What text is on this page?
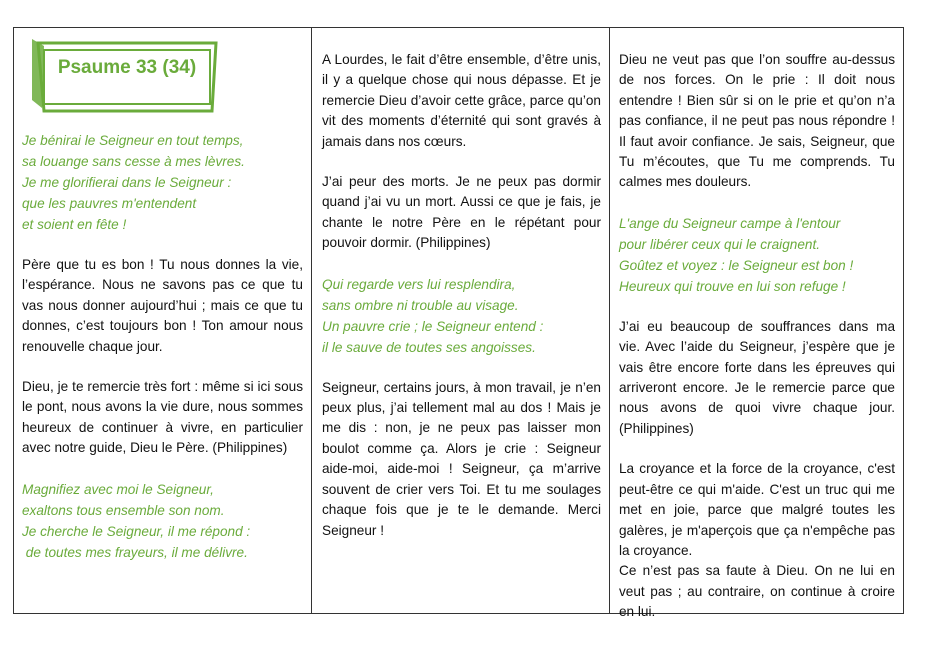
Psaume 33 (34)

Je bénirai le Seigneur en tout temps,

sa louange sans cesse à mes lèvres.

Je me glorifierai dans le Seigneur :

que les pauvres m'entendent

et soient en fête !

Père que tu es bon ! Tu nous donnes la vie, l’espérance. Nous ne savons pas ce que tu vas nous donner aujourd’hui ; mais ce que tu donnes, c’est toujours bon ! Ton amour nous renouvelle chaque jour.

Dieu, je te remercie très fort : même si ici sous le pont, nous avons la vie dure, nous sommes heureux de continuer à vivre, en particulier avec notre guide, Dieu le Père. (Philippines)

Magnifiez avec moi le Seigneur,

exaltons tous ensemble son nom.

Je cherche le Seigneur, il me répond :

de toutes mes frayeurs, il me délivre.

A Lourdes, le fait d’être ensemble, d’être unis, il y a quelque chose qui nous dépasse. Et je remercie Dieu d’avoir cette grâce, parce qu’on vit des moments d’éternité qui sont gravés à jamais dans nos cœurs.

J’ai peur des morts. Je ne peux pas dormir quand j’ai vu un mort. Aussi ce que je fais, je chante le notre Père en le répétant pour pouvoir dormir. (Philippines)

Qui regarde vers lui resplendira,

sans ombre ni trouble au visage.

Un pauvre crie ; le Seigneur entend :

il le sauve de toutes ses angoisses.

Seigneur, certains jours, à mon travail, je n’en peux plus, j’ai tellement mal au dos ! Mais je me dis : non, je ne peux pas laisser mon boulot comme ça. Alors je crie : Seigneur aide-moi, aide-moi ! Seigneur, ça m’arrive souvent de crier vers Toi. Et tu me soulages chaque fois que je te le demande. Merci Seigneur !

Dieu ne veut pas que l’on souffre au-dessus de nos forces. On le prie : Il doit nous entendre ! Bien sûr si on le prie et qu’on n’a pas confiance, il ne peut pas nous répondre ! Il faut avoir confiance. Je sais, Seigneur, que Tu m’écoutes, que Tu me comprends. Tu calmes mes douleurs.

L'ange du Seigneur campe à l'entour

pour libérer ceux qui le craignent.

Goûtez et voyez : le Seigneur est bon !

Heureux qui trouve en lui son refuge !

J’ai eu beaucoup de souffrances dans ma vie. Avec l’aide du Seigneur, j’espère que je vais être encore forte dans les épreuves qui arriveront encore. Je le remercie parce que nous avons de quoi vivre chaque jour. (Philippines)

La croyance et la force de la croyance, c'est peut-être ce qui m'aide. C'est un truc qui me met en joie, parce que malgré toutes les galères, je m'aperçois que ça n'empêche pas la croyance.

Ce n’est pas sa faute à Dieu. On ne lui en veut pas ; au contraire, on continue à croire en lui.
